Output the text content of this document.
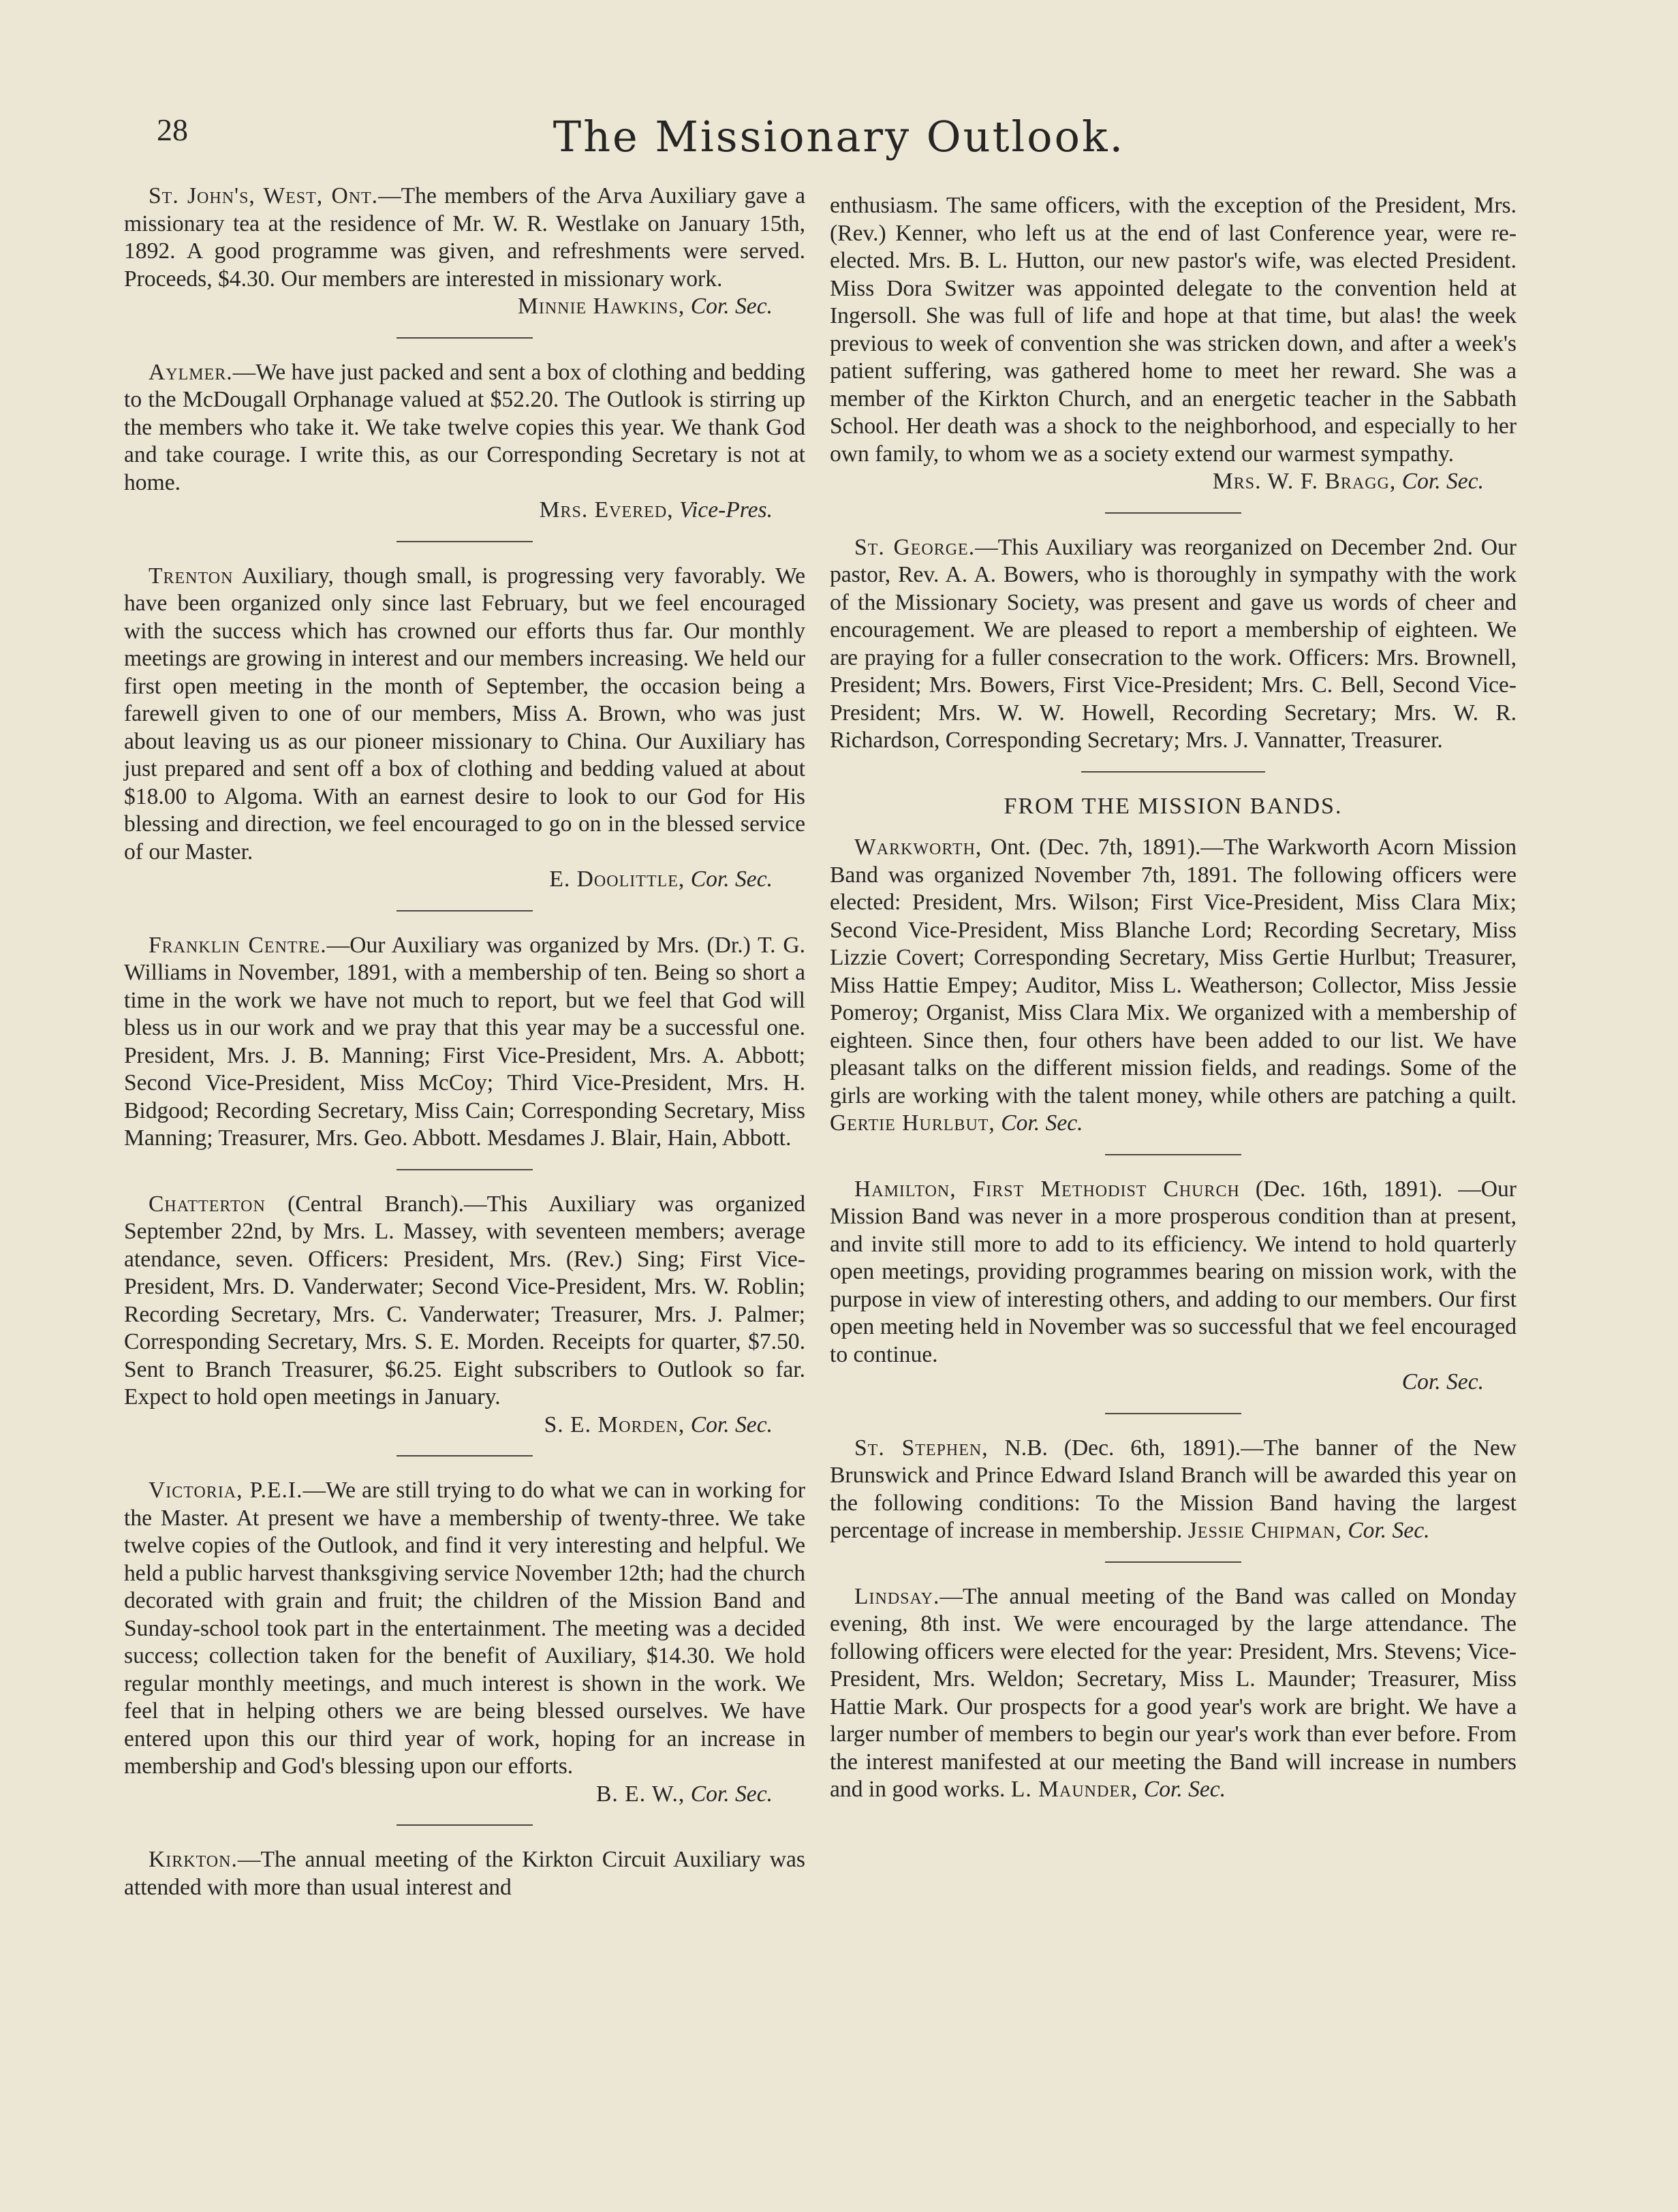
28	The Missionary Outlook.

St. John's, West, Ont.—The members of the Arva Auxiliary gave a missionary tea at the residence of Mr. W. R. Westlake on January 15th, 1892. A good programme was given, and refreshments were served. Proceeds, $4.30. Our members are interested in missionary work.

Minnie Hawkins, Cor. Sec.

Aylmer.—We have just packed and sent a box of clothing and bedding to the McDougall Orphanage valued at $52.20. The Outlook is stirring up the members who take it. We take twelve copies this year. We thank God and take courage. I write this, as our Corresponding Secretary is not at home.

Mrs. Evered, Vice-Pres.

Trenton Auxiliary, though small, is progressing very favorably. We have been organized only since last February, but we feel encouraged with the success which has crowned our efforts thus far. Our monthly meetings are growing in interest and our members increasing. We held our first open meeting in the month of September, the occasion being a farewell given to one of our members, Miss A. Brown, who was just about leaving us as our pioneer missionary to China. Our Auxiliary has just prepared and sent off a box of clothing and bedding valued at about $18.00 to Algoma. With an earnest desire to look to our God for His blessing and direction, we feel encouraged to go on in the blessed service of our Master.

E. Doolittle, Cor. Sec.

Franklin Centre.—Our Auxiliary was organized by Mrs. (Dr.) T. G. Williams in November, 1891, with a membership of ten. Being so short a time in the work we have not much to report, but we feel that God will bless us in our work and we pray that this year may be a successful one. President, Mrs. J. B. Manning; First Vice-President, Mrs. A. Abbott; Second Vice-President, Miss McCoy; Third Vice-President, Mrs. H. Bidgood; Recording Secretary, Miss Cain; Corresponding Secretary, Miss Manning; Treasurer, Mrs. Geo. Abbott. Mesdames J. Blair, Hain, Abbott.

Chatterton (Central Branch).—This Auxiliary was organized September 22nd, by Mrs. L. Massey, with seventeen members; average atendance, seven. Officers: President, Mrs. (Rev.) Sing; First Vice-President, Mrs. D. Vanderwater; Second Vice-President, Mrs. W. Roblin; Recording Secretary, Mrs. C. Vanderwater; Treasurer, Mrs. J. Palmer; Corresponding Secretary, Mrs. S. E. Morden. Receipts for quarter, $7.50. Sent to Branch Treasurer, $6.25. Eight subscribers to Outlook so far. Expect to hold open meetings in January.

S. E. Morden, Cor. Sec.

Victoria, P.E.I.—We are still trying to do what we can in working for the Master. At present we have a membership of twenty-three. We take twelve copies of the Outlook, and find it very interesting and helpful. We held a public harvest thanksgiving service November 12th; had the church decorated with grain and fruit; the children of the Mission Band and Sunday-school took part in the entertainment. The meeting was a decided success; collection taken for the benefit of Auxiliary, $14.30. We hold regular monthly meetings, and much interest is shown in the work. We feel that in helping others we are being blessed ourselves. We have entered upon this our third year of work, hoping for an increase in membership and God's blessing upon our efforts.

B. E. W., Cor. Sec.

Kirkton.—The annual meeting of the Kirkton Circuit Auxiliary was attended with more than usual interest and

enthusiasm. The same officers, with the exception of the President, Mrs. (Rev.) Kenner, who left us at the end of last Conference year, were re-elected. Mrs. B. L. Hutton, our new pastor's wife, was elected President. Miss Dora Switzer was appointed delegate to the convention held at Ingersoll. She was full of life and hope at that time, but alas! the week previous to week of convention she was stricken down, and after a week's patient suffering, was gathered home to meet her reward. She was a member of the Kirkton Church, and an energetic teacher in the Sabbath School. Her death was a shock to the neighborhood, and especially to her own family, to whom we as a society extend our warmest sympathy.

Mrs. W. F. Bragg, Cor. Sec.

St. George.—This Auxiliary was reorganized on December 2nd. Our pastor, Rev. A. A. Bowers, who is thoroughly in sympathy with the work of the Missionary Society, was present and gave us words of cheer and encouragement. We are pleased to report a membership of eighteen. We are praying for a fuller consecration to the work. Officers: Mrs. Brownell, President; Mrs. Bowers, First Vice-President; Mrs. C. Bell, Second Vice-President; Mrs. W. W. Howell, Recording Secretary; Mrs. W. R. Richardson, Corresponding Secretary; Mrs. J. Vannatter, Treasurer.

FROM THE MISSION BANDS.

Warkworth, Ont. (Dec. 7th, 1891).—The Warkworth Acorn Mission Band was organized November 7th, 1891. The following officers were elected: President, Mrs. Wilson; First Vice-President, Miss Clara Mix; Second Vice-President, Miss Blanche Lord; Recording Secretary, Miss Lizzie Covert; Corresponding Secretary, Miss Gertie Hurlbut; Treasurer, Miss Hattie Empey; Auditor, Miss L. Weatherson; Collector, Miss Jessie Pomeroy; Organist, Miss Clara Mix. We organized with a membership of eighteen. Since then, four others have been added to our list. We have pleasant talks on the different mission fields, and readings. Some of the girls are working with the talent money, while others are patching a quilt. Gertie Hurlbut, Cor. Sec.

Hamilton, First Methodist Church (Dec. 16th, 1891). —Our Mission Band was never in a more prosperous condition than at present, and invite still more to add to its efficiency. We intend to hold quarterly open meetings, providing programmes bearing on mission work, with the purpose in view of interesting others, and adding to our members. Our first open meeting held in November was so successful that we feel encouraged to continue.

Cor. Sec.

St. Stephen, N.B. (Dec. 6th, 1891).—The banner of the New Brunswick and Prince Edward Island Branch will be awarded this year on the following conditions: To the Mission Band having the largest percentage of increase in membership. Jessie Chipman, Cor. Sec.

Lindsay.—The annual meeting of the Band was called on Monday evening, 8th inst. We were encouraged by the large attendance. The following officers were elected for the year: President, Mrs. Stevens; Vice-President, Mrs. Weldon; Secretary, Miss L. Maunder; Treasurer, Miss Hattie Mark. Our prospects for a good year's work are bright. We have a larger number of members to begin our year's work than ever before. From the interest manifested at our meeting the Band will increase in numbers and in good works. L. Maunder, Cor. Sec.
